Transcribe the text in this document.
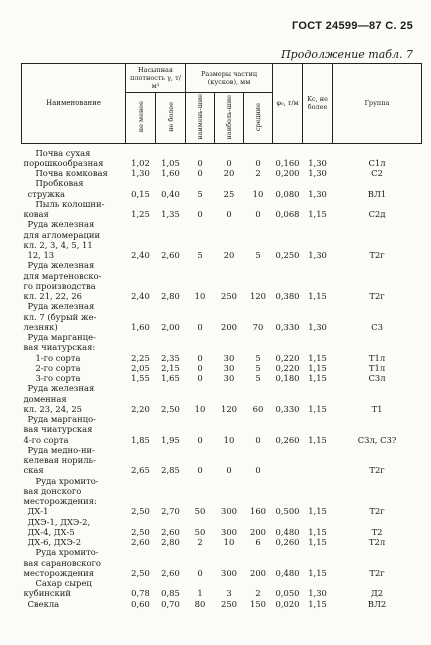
ГОСТ 24599—87 С. 25
Продолжение табл. 7
Наименование	Насыпная плотность γ, т/м³		Размеры частиц (кусков), мм			φ₀, т/м	Kс, не более	Группа
	не менее	не более	наимень-шие	наиболь-шие	средние			
Почва сухая								
порошкообразная	1,02	1,05	0	0	0	0,160	1,30	С1л
Почва комковая	1,30	1,60	0	20	2	0,200	1,30	С2
Пробковая								
стружка	0,15	0,40	5	25	10	0,080	1,30	ВЛ1
Пыль колошни-								
ковая	1,25	1,35	0	0	0	0,068	1,15	С2д
Руда железная								
для агломерации								
кл. 2, 3, 4, 5, 11								
12, 13	2,40	2,60	5	20	5	0,250	1,30	Т2г
Руда железная								
для мартеновско-								
го производства								
кл. 21, 22, 26	2,40	2,80	10	250	120	0,380	1,15	Т2г
Руда железная								
кл. 7 (бурый же-								
лезняк)	1,60	2,00	0	200	70	0,330	1,30	С3
Руда марганце-								
вая чиатурская:								
1-го сорта	2,25	2,35	0	30	5	0,220	1,15	Т1л
2-го сорта	2,05	2,15	0	30	5	0,220	1,15	Т1л
3-го сорта	1,55	1,65	0	30	5	0,180	1,15	С3л
Руда железная								
доменная								
кл. 23, 24, 25	2,20	2,50	10	120	60	0,330	1,15	Т1
Руда марганцо-								
вая чиатурская								
4-го сорта	1,85	1,95	0	10	0	0,260	1,15	С3л, С3?
Руда медно-ни-								
келевая нориль-								
ская	2,65	2,85	0	0	0			Т2г
Руда хромито-								
вая донского								
месторождения:								
ДХ-1	2,50	2,70	50	300	160	0,500	1,15	Т2г
ДХЭ-1, ДХЭ-2,								
ДХ-4, ДХ-5	2,50	2,60	50	300	200	0,480	1,15	Т2
ДХ-6, ДХЭ-2	2,60	2,80	2	10	6	0,260	1,15	Т2л
Руда хромито-								
вая сарановского								
месторождения	2,50	2,60	0	300	200	0,480	1,15	Т2г
Сахар сырец								
кубинский	0,78	0,85	1	3	2	0,050	1,30	Д2
Свекла	0,60	0,70	80	250	150	0,020	1,15	ВЛ2
